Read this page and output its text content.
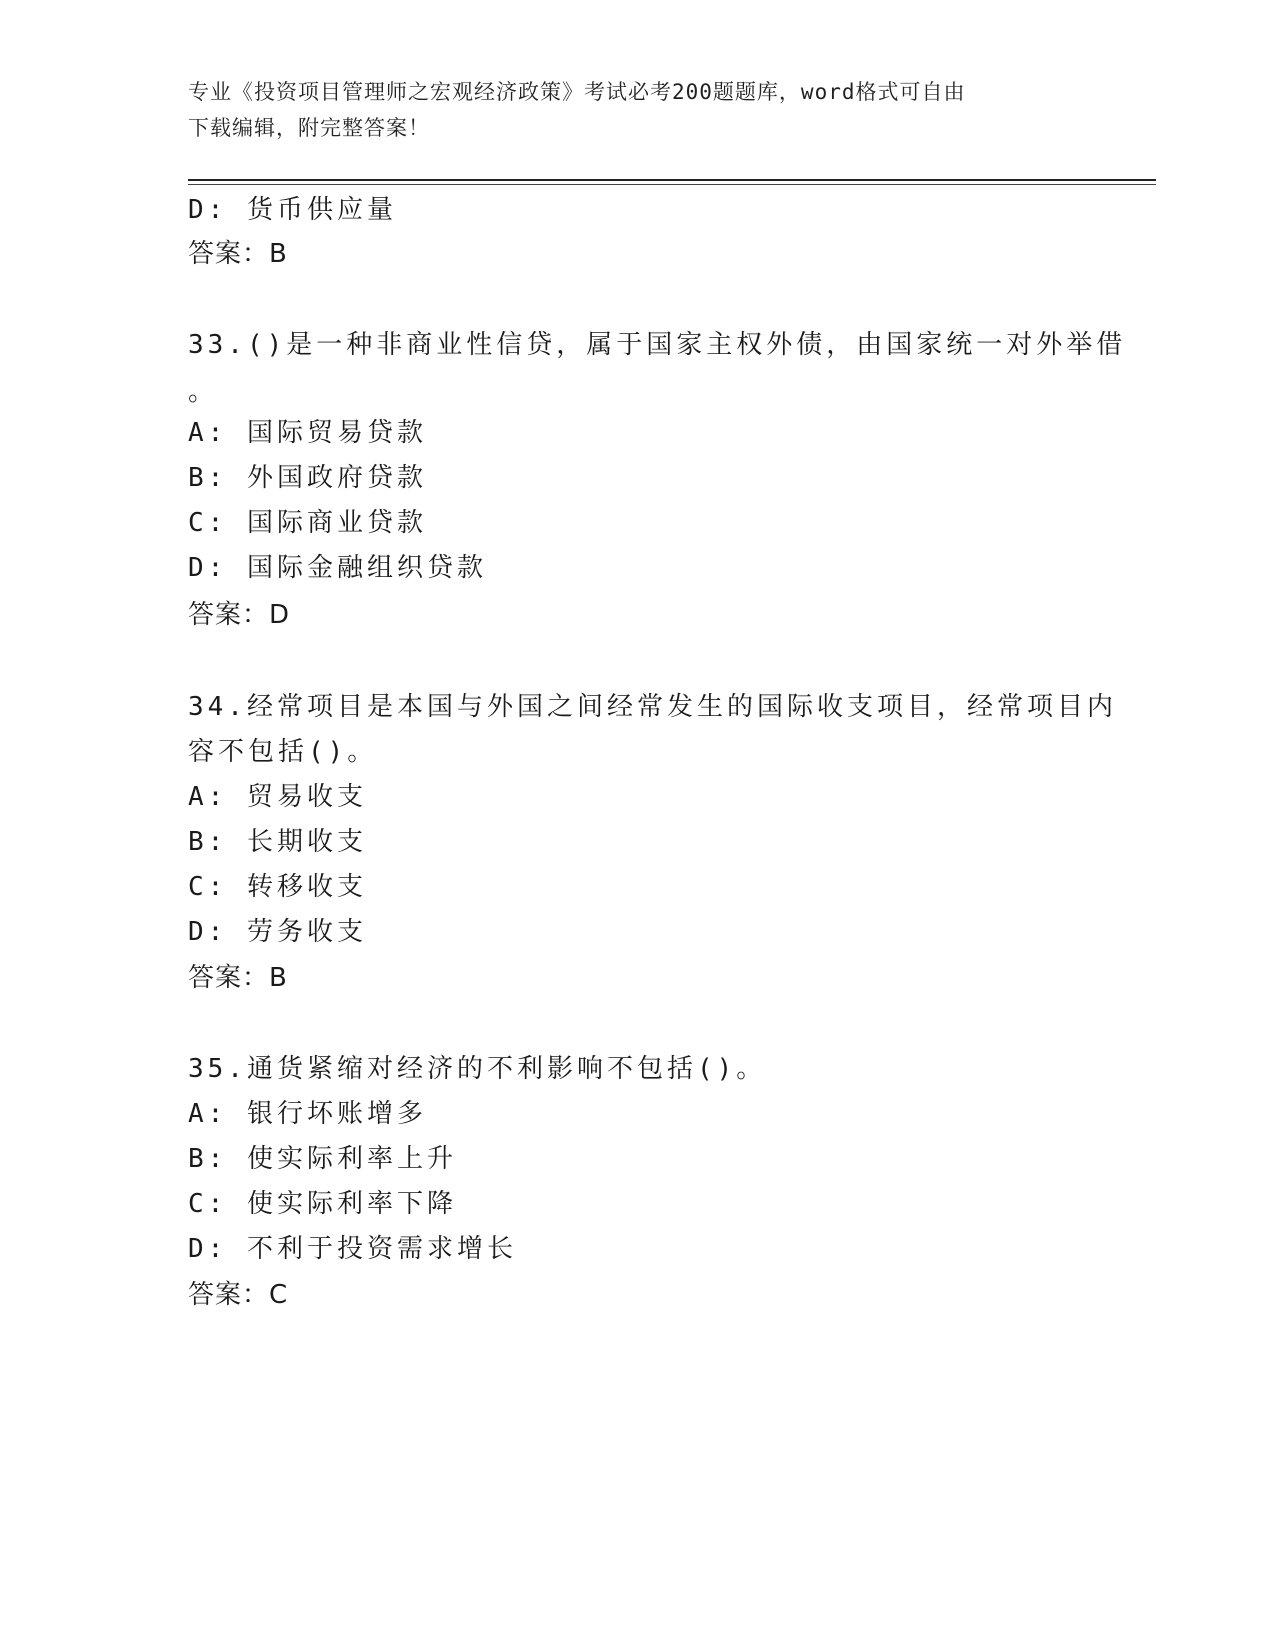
专业《投资项目管理师之宏观经济政策》考试必考200题题库，word格式可自由
下载编辑，附完整答案！
D: 货币供应量
答案：B
33.()是一种非商业性信贷，属于国家主权外债，由国家统一对外举借
。
A: 国际贸易贷款
B: 外国政府贷款
C: 国际商业贷款
D: 国际金融组织贷款
答案：D
34.经常项目是本国与外国之间经常发生的国际收支项目，经常项目内
容不包括()。
A: 贸易收支
B: 长期收支
C: 转移收支
D: 劳务收支
答案：B
35.通货紧缩对经济的不利影响不包括()。
A: 银行坏账增多
B: 使实际利率上升
C: 使实际利率下降
D: 不利于投资需求增长
答案：C
